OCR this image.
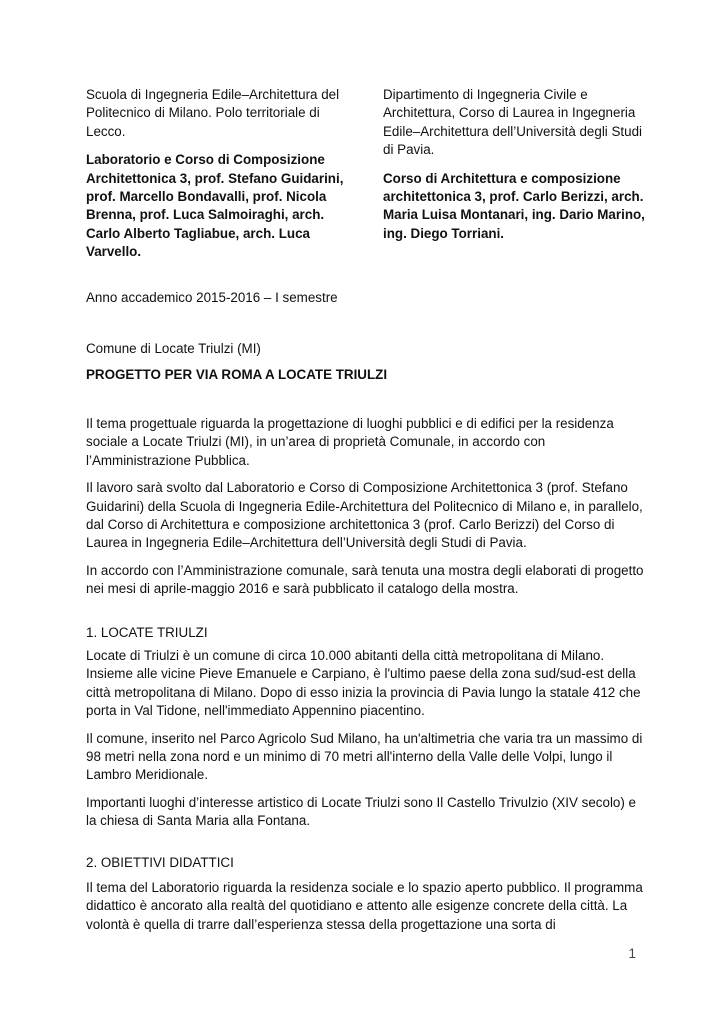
Scuola di Ingegneria Edile–Architettura del Politecnico di Milano. Polo territoriale di Lecco.

Laboratorio e Corso di Composizione Architettonica 3, prof. Stefano Guidarini, prof. Marcello Bondavalli, prof. Nicola Brenna, prof. Luca Salmoiraghi, arch. Carlo Alberto Tagliabue, arch. Luca Varvello.

Dipartimento di Ingegneria Civile e Architettura, Corso di Laurea in Ingegneria Edile–Architettura dell’Università degli Studi di Pavia.

Corso di Architettura e composizione architettonica 3, prof. Carlo Berizzi, arch. Maria Luisa Montanari, ing. Dario Marino, ing. Diego Torriani.

Anno accademico 2015-2016 – I semestre
Comune di Locate Triulzi (MI)
PROGETTO PER VIA ROMA A LOCATE TRIULZI

Il tema progettuale riguarda la progettazione di luoghi pubblici e di edifici per la residenza sociale a Locate Triulzi (MI), in un’area di proprietà Comunale, in accordo con l’Amministrazione Pubblica.

Il lavoro sarà svolto dal Laboratorio e Corso di Composizione Architettonica 3 (prof. Stefano Guidarini) della Scuola di Ingegneria Edile-Architettura del Politecnico di Milano e, in parallelo, dal Corso di Architettura e composizione architettonica 3 (prof. Carlo Berizzi) del Corso di Laurea in Ingegneria Edile–Architettura dell’Università degli Studi di Pavia.

In accordo con l’Amministrazione comunale, sarà tenuta una mostra degli elaborati di progetto nei mesi di aprile-maggio 2016 e sarà pubblicato il catalogo della mostra.

1. LOCATE TRIULZI

Locate di Triulzi è un comune di circa 10.000 abitanti della città metropolitana di Milano. Insieme alle vicine Pieve Emanuele e Carpiano, è l'ultimo paese della zona sud/sud-est della città metropolitana di Milano. Dopo di esso inizia la provincia di Pavia lungo la statale 412 che porta in Val Tidone, nell'immediato Appennino piacentino.

Il comune, inserito nel Parco Agricolo Sud Milano, ha un'altimetria che varia tra un massimo di 98 metri nella zona nord e un minimo di 70 metri all'interno della Valle delle Volpi, lungo il Lambro Meridionale.

Importanti luoghi d’interesse artistico di Locate Triulzi sono Il Castello Trivulzio (XIV secolo) e la chiesa di Santa Maria alla Fontana.

2. OBIETTIVI DIDATTICI

Il tema del Laboratorio riguarda la residenza sociale e lo spazio aperto pubblico. Il programma didattico è ancorato alla realtà del quotidiano e attento alle esigenze concrete della città. La volontà è quella di trarre dall’esperienza stessa della progettazione una sorta di

1
